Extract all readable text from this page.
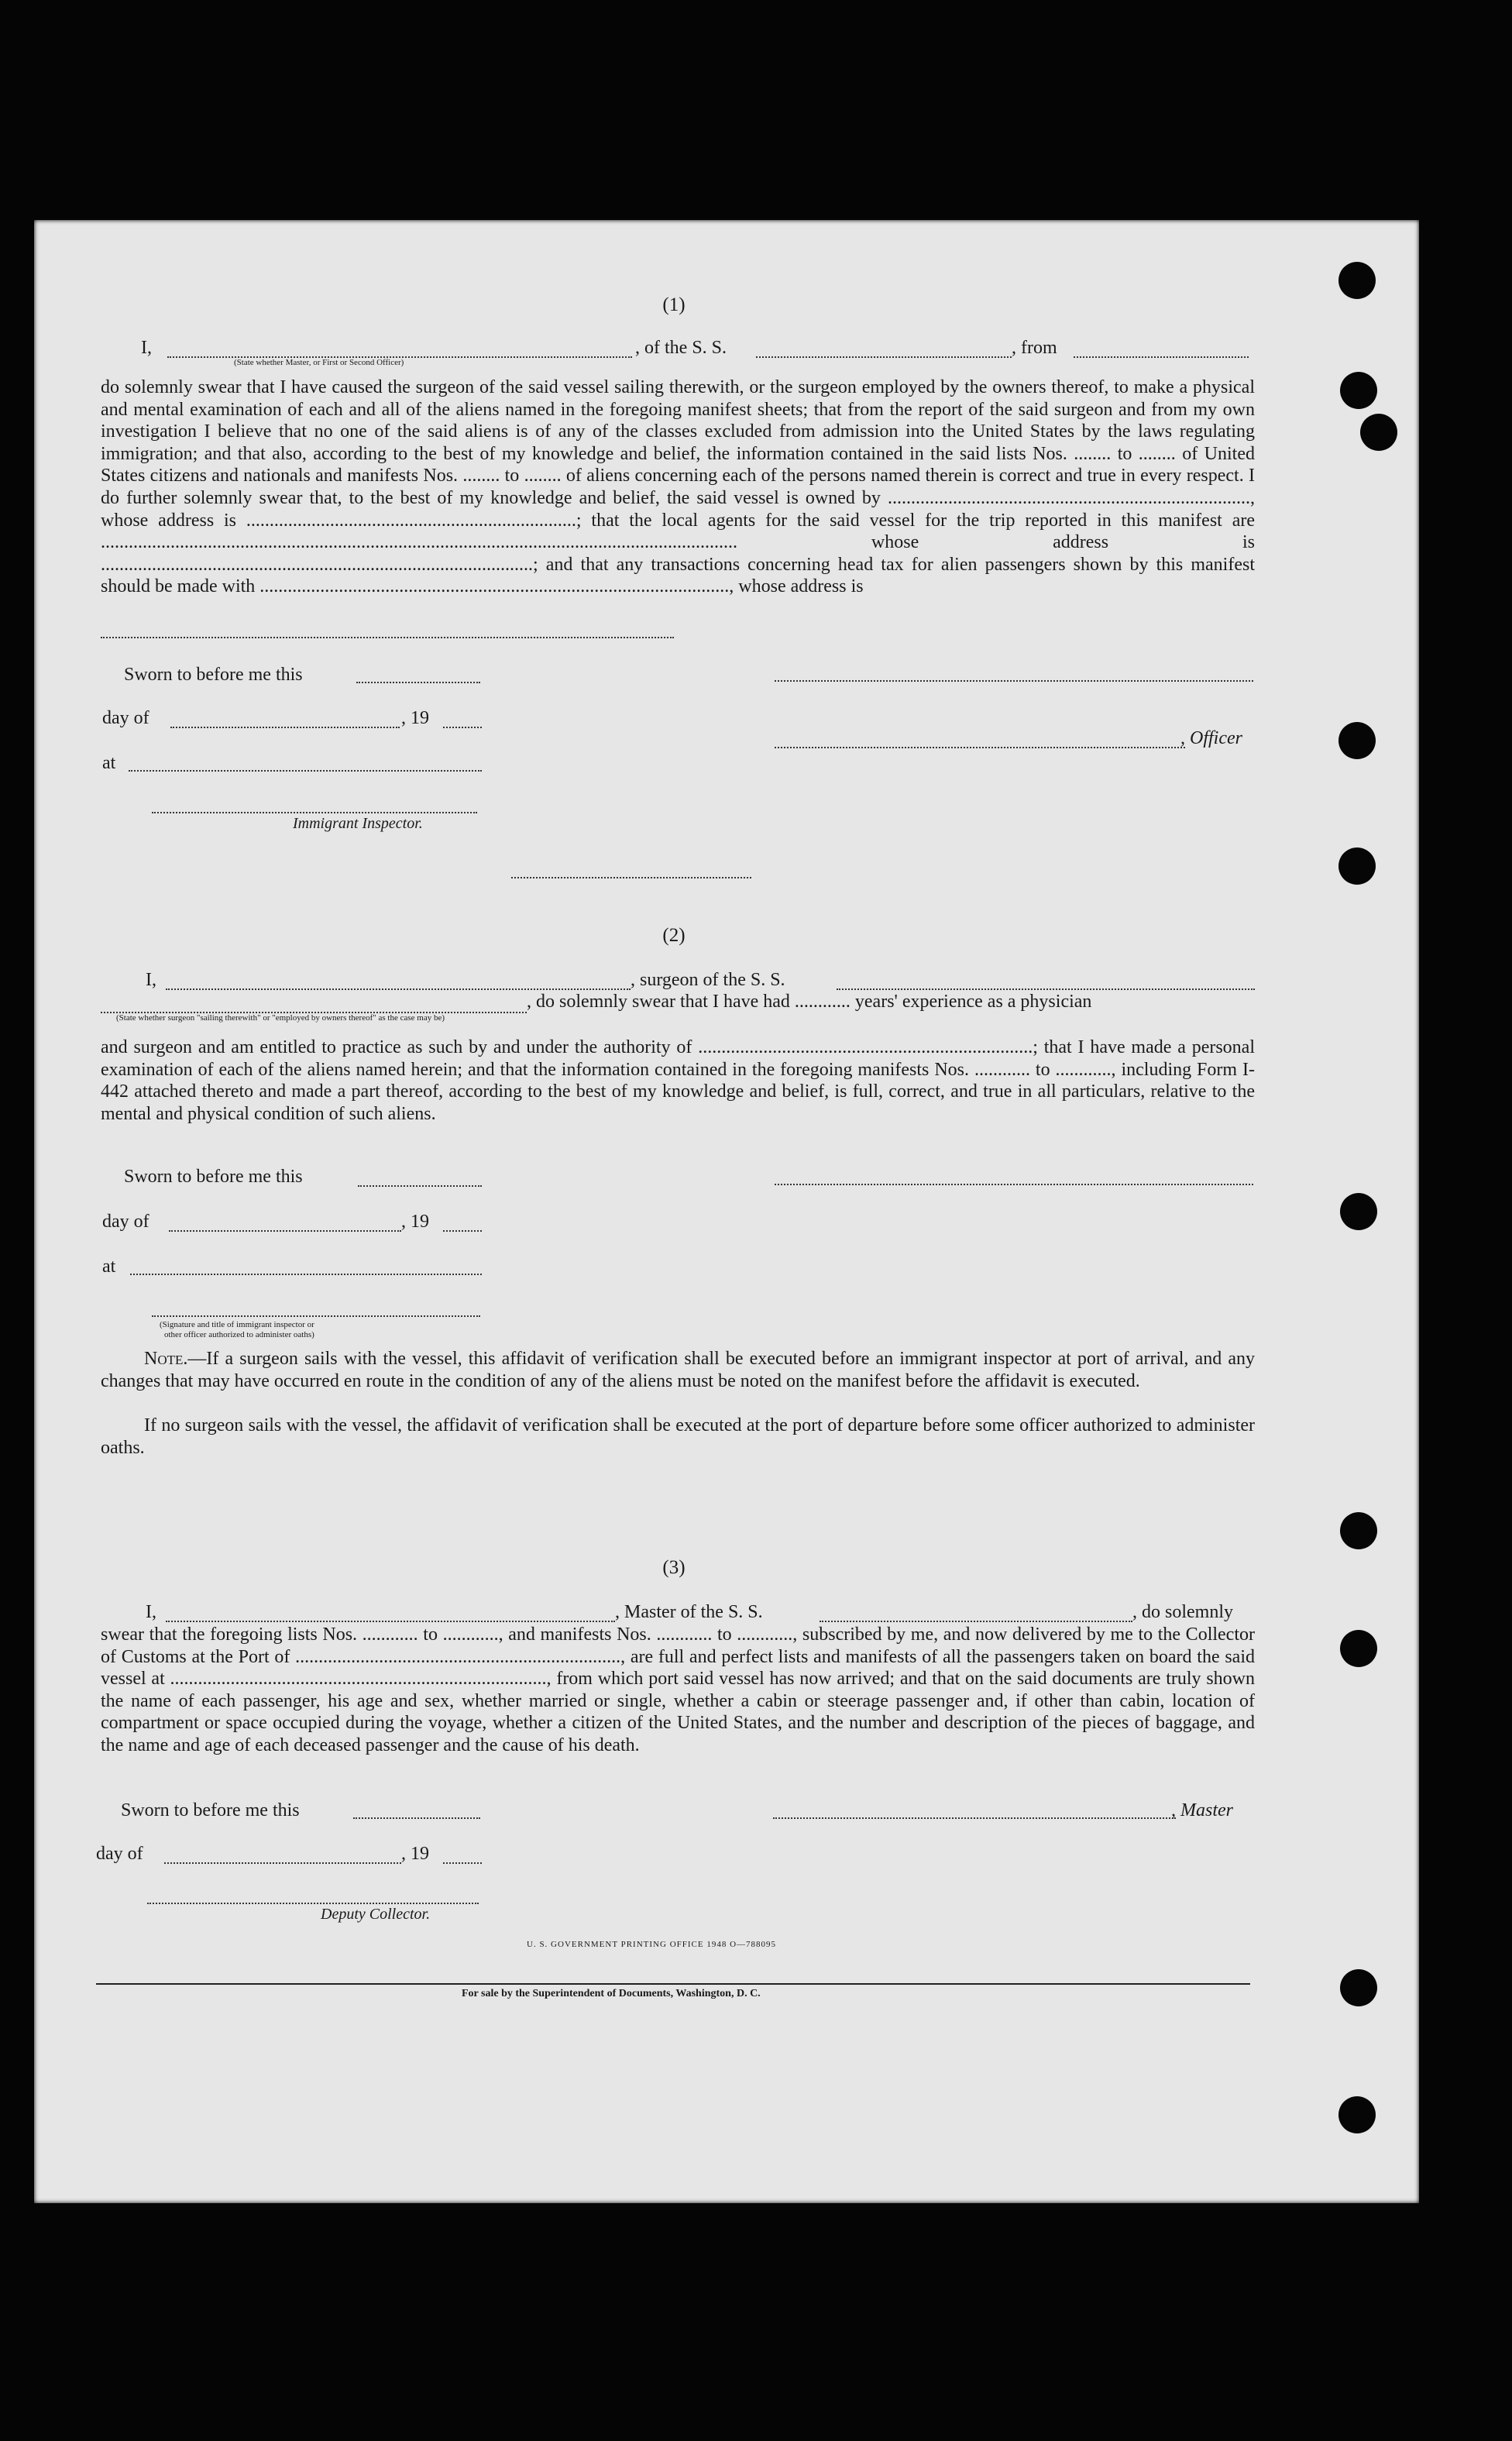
(1)
I,	, of the S. S.	, from
(State whether Master, or First or Second Officer)

do solemnly swear that I have caused the surgeon of the said vessel sailing therewith, or the surgeon employed by the owners thereof, to make a physical and mental examination of each and all of the aliens named in the foregoing manifest sheets; that from the report of the said surgeon and from my own investigation I believe that no one of the said aliens is of any of the classes excluded from admission into the United States by the laws regulating immigration; and that also, according to the best of my knowledge and belief, the information contained in the said lists Nos. ........ to ........ of United States citizens and nationals and manifests Nos. ........ to ........ of aliens concerning each of the persons named therein is correct and true in every respect. I do further solemnly swear that, to the best of my knowledge and belief, the said vessel is owned by .............................................................................., whose address is .......................................................................; that the local agents for the said vessel for the trip reported in this manifest are ......................................................................................................................................... whose address is .............................................................................................; and that any transactions concerning head tax for alien passengers shown by this manifest should be made with ....................................................................................................., whose address is

Sworn to before me this
day of	, 19
, Officer
at
Immigrant Inspector.
(2)
I,	, surgeon of the S. S.
, do solemnly swear that I have had ............ years' experience as a physician
(State whether surgeon "sailing therewith" or "employed by owners thereof" as the case may be)

and surgeon and am entitled to practice as such by and under the authority of ........................................................................; that I have made a personal examination of each of the aliens named herein; and that the information contained in the foregoing manifests Nos. ............ to ............, including Form I-442 attached thereto and made a part thereof, according to the best of my knowledge and belief, is full, correct, and true in all particulars, relative to the mental and physical condition of such aliens.

Sworn to before me this
day of	, 19
at
(Signature and title of immigrant inspector or
other officer authorized to administer oaths)

Note.—If a surgeon sails with the vessel, this affidavit of verification shall be executed before an immigrant inspector at port of arrival, and any changes that may have occurred en route in the condition of any of the aliens must be noted on the manifest before the affidavit is executed.

If no surgeon sails with the vessel, the affidavit of verification shall be executed at the port of departure before some officer authorized to administer oaths.

(3)
I,	, Master of the S. S.	, do solemnly

swear that the foregoing lists Nos. ............ to ............, and manifests Nos. ............ to ............, subscribed by me, and now delivered by me to the Collector of Customs at the Port of ......................................................................, are full and perfect lists and manifests of all the passengers taken on board the said vessel at ................................................................................., from which port said vessel has now arrived; and that on the said documents are truly shown the name of each passenger, his age and sex, whether married or single, whether a cabin or steerage passenger and, if other than cabin, location of compartment or space occupied during the voyage, whether a citizen of the United States, and the number and description of the pieces of baggage, and the name and age of each deceased passenger and the cause of his death.

Sworn to before me this	, Master
day of	, 19
Deputy Collector.
U. S. GOVERNMENT PRINTING OFFICE 1948 O—788095
For sale by the Superintendent of Documents, Washington, D. C.
